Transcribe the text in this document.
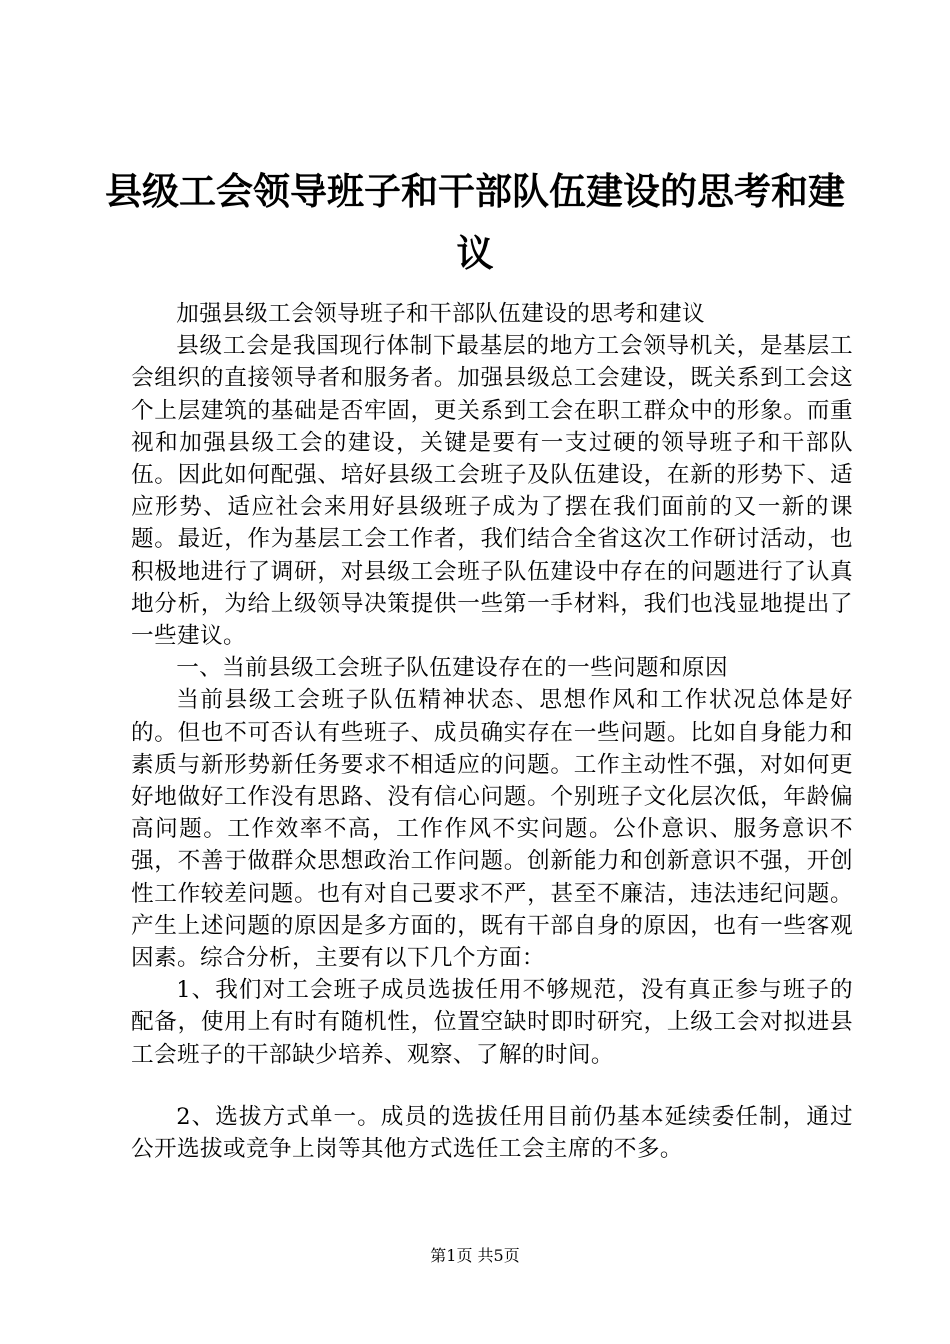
县级工会领导班子和干部队伍建设的思考和建议

加强县级工会领导班子和干部队伍建设的思考和建议

县级工会是我国现行体制下最基层的地方工会领导机关，是基层工会组织的直接领导者和服务者。加强县级总工会建设，既关系到工会这个上层建筑的基础是否牢固，更关系到工会在职工群众中的形象。而重视和加强县级工会的建设，关键是要有一支过硬的领导班子和干部队伍。因此如何配强、培好县级工会班子及队伍建设，在新的形势下、适应形势、适应社会来用好县级班子成为了摆在我们面前的又一新的课题。最近，作为基层工会工作者，我们结合全省这次工作研讨活动，也积极地进行了调研，对县级工会班子队伍建设中存在的问题进行了认真地分析，为给上级领导决策提供一些第一手材料，我们也浅显地提出了一些建议。

一、当前县级工会班子队伍建设存在的一些问题和原因

当前县级工会班子队伍精神状态、思想作风和工作状况总体是好的。但也不可否认有些班子、成员确实存在一些问题。比如自身能力和素质与新形势新任务要求不相适应的问题。工作主动性不强，对如何更好地做好工作没有思路、没有信心问题。个别班子文化层次低，年龄偏高问题。工作效率不高，工作作风不实问题。公仆意识、服务意识不强，不善于做群众思想政治工作问题。创新能力和创新意识不强，开创性工作较差问题。也有对自己要求不严，甚至不廉洁，违法违纪问题。产生上述问题的原因是多方面的，既有干部自身的原因，也有一些客观因素。综合分析，主要有以下几个方面：

1、我们对工会班子成员选拔任用不够规范，没有真正参与班子的配备，使用上有时有随机性，位置空缺时即时研究，上级工会对拟进县工会班子的干部缺少培养、观察、了解的时间。

2、选拔方式单一。成员的选拔任用目前仍基本延续委任制，通过公开选拔或竞争上岗等其他方式选任工会主席的不多。

第1页 共5页
